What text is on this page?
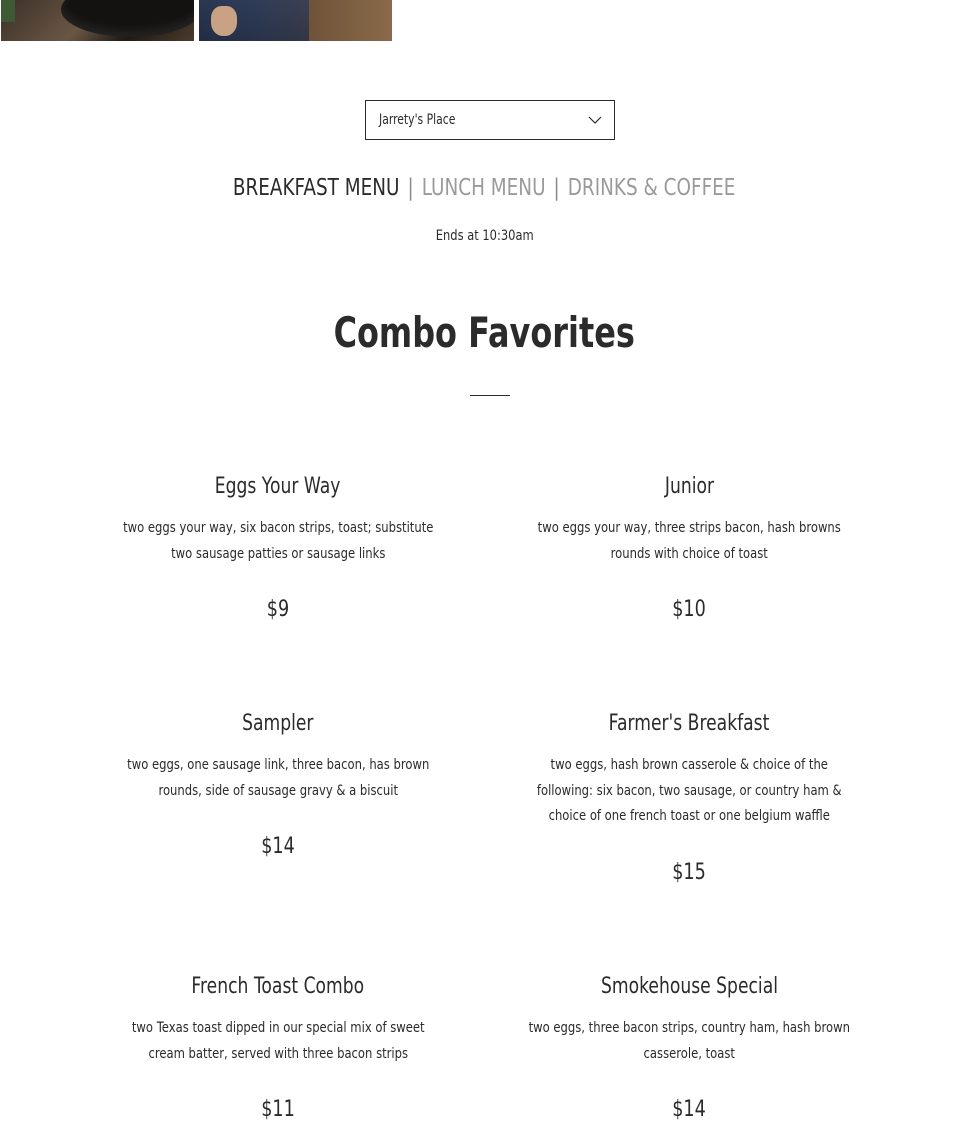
Jarrety's Place
BREAKFAST MENU | LUNCH MENU | DRINKS & COFFEE
Ends at 10:30am
Combo Favorites
Eggs Your Way
two eggs your way, six bacon strips, toast; substitute two sausage patties or sausage links
$9
Junior
two eggs your way, three strips bacon, hash browns rounds with choice of toast
$10
Sampler
two eggs, one sausage link, three bacon, has brown rounds, side of sausage gravy & a biscuit
$14
Farmer's Breakfast
two eggs, hash brown casserole & choice of the following: six bacon, two sausage, or country ham & choice of one french toast or one belgium waffle
$15
French Toast Combo
two Texas toast dipped in our special mix of sweet cream batter, served with three bacon strips
$11
Smokehouse Special
two eggs, three bacon strips, country ham, hash brown casserole, toast
$14
